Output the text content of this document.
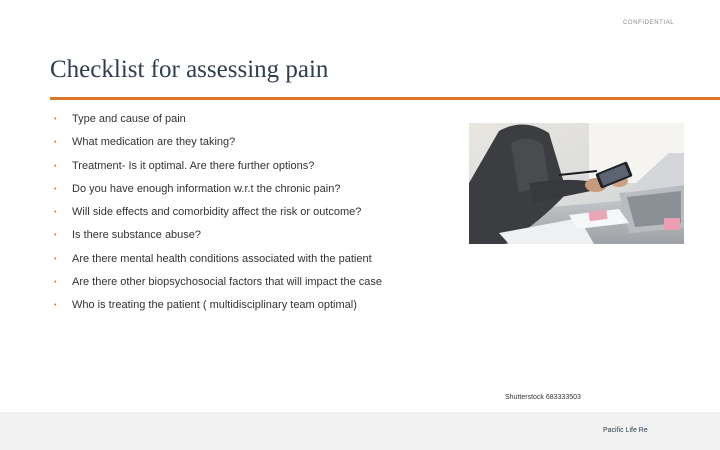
CONFIDENTIAL
Checklist for assessing pain
• Type and cause of pain
• What medication are they taking?
• Treatment- Is it optimal. Are there further options?
• Do you have enough information w.r.t the chronic pain?
• Will side effects and comorbidity affect the risk or outcome?
• Is there substance abuse?
• Are there mental health conditions associated with the patient
• Are there other biopsychosocial factors that will impact the case
• Who is treating the patient ( multidisciplinary team optimal)
Shutterstock 683333503
Pacific Life Re
